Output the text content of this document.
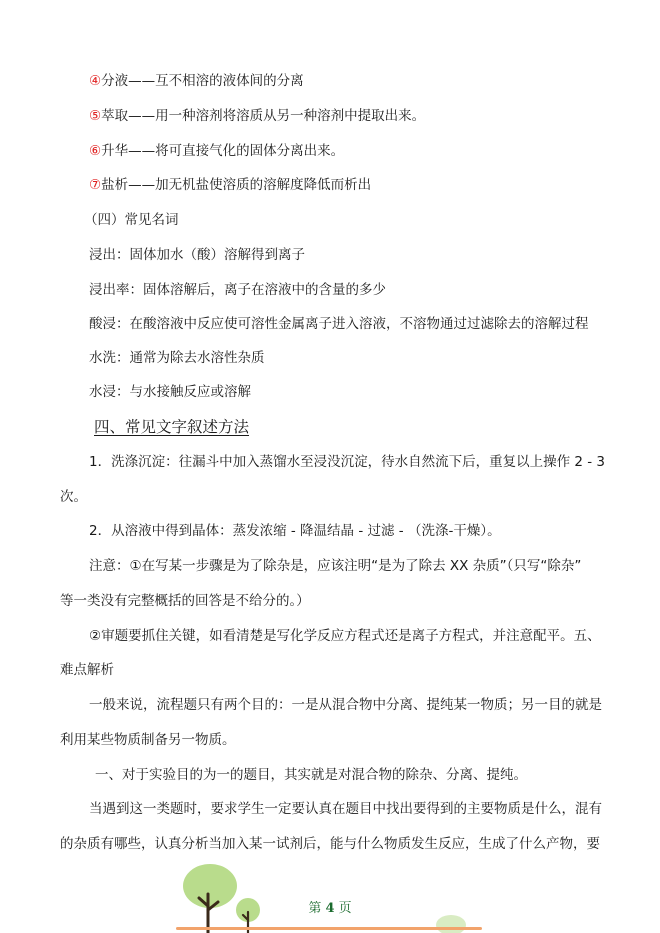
④分液——互不相溶的液体间的分离
⑤萃取——用一种溶剂将溶质从另一种溶剂中提取出来。
⑥升华——将可直接气化的固体分离出来。
⑦盐析——加无机盐使溶质的溶解度降低而析出
（四）常见名词
浸出：固体加水（酸）溶解得到离子
浸出率：固体溶解后，离子在溶液中的含量的多少
酸浸：在酸溶液中反应使可溶性金属离子进入溶液，不溶物通过过滤除去的溶解过程
水洗：通常为除去水溶性杂质
水浸：与水接触反应或溶解
四、常见文字叙述方法
1．洗涤沉淀：往漏斗中加入蒸馏水至浸没沉淀，待水自然流下后，重复以上操作 2 - 3
次。
2．从溶液中得到晶体：蒸发浓缩 - 降温结晶 - 过滤 - （洗涤-干燥）。
注意：①在写某一步骤是为了除杂是，应该注明“是为了除去 XX 杂质”（只写“除杂”
等一类没有完整概括的回答是不给分的。）
②审题要抓住关键，如看清楚是写化学反应方程式还是离子方程式，并注意配平。五、
难点解析
一般来说，流程题只有两个目的：一是从混合物中分离、提纯某一物质；另一目的就是
利用某些物质制备另一物质。
一、对于实验目的为一的题目，其实就是对混合物的除杂、分离、提纯。
当遇到这一类题时，要求学生一定要认真在题目中找出要得到的主要物质是什么，混有
的杂质有哪些，认真分析当加入某一试剂后，能与什么物质发生反应，生成了什么产物，要
第 4 页
